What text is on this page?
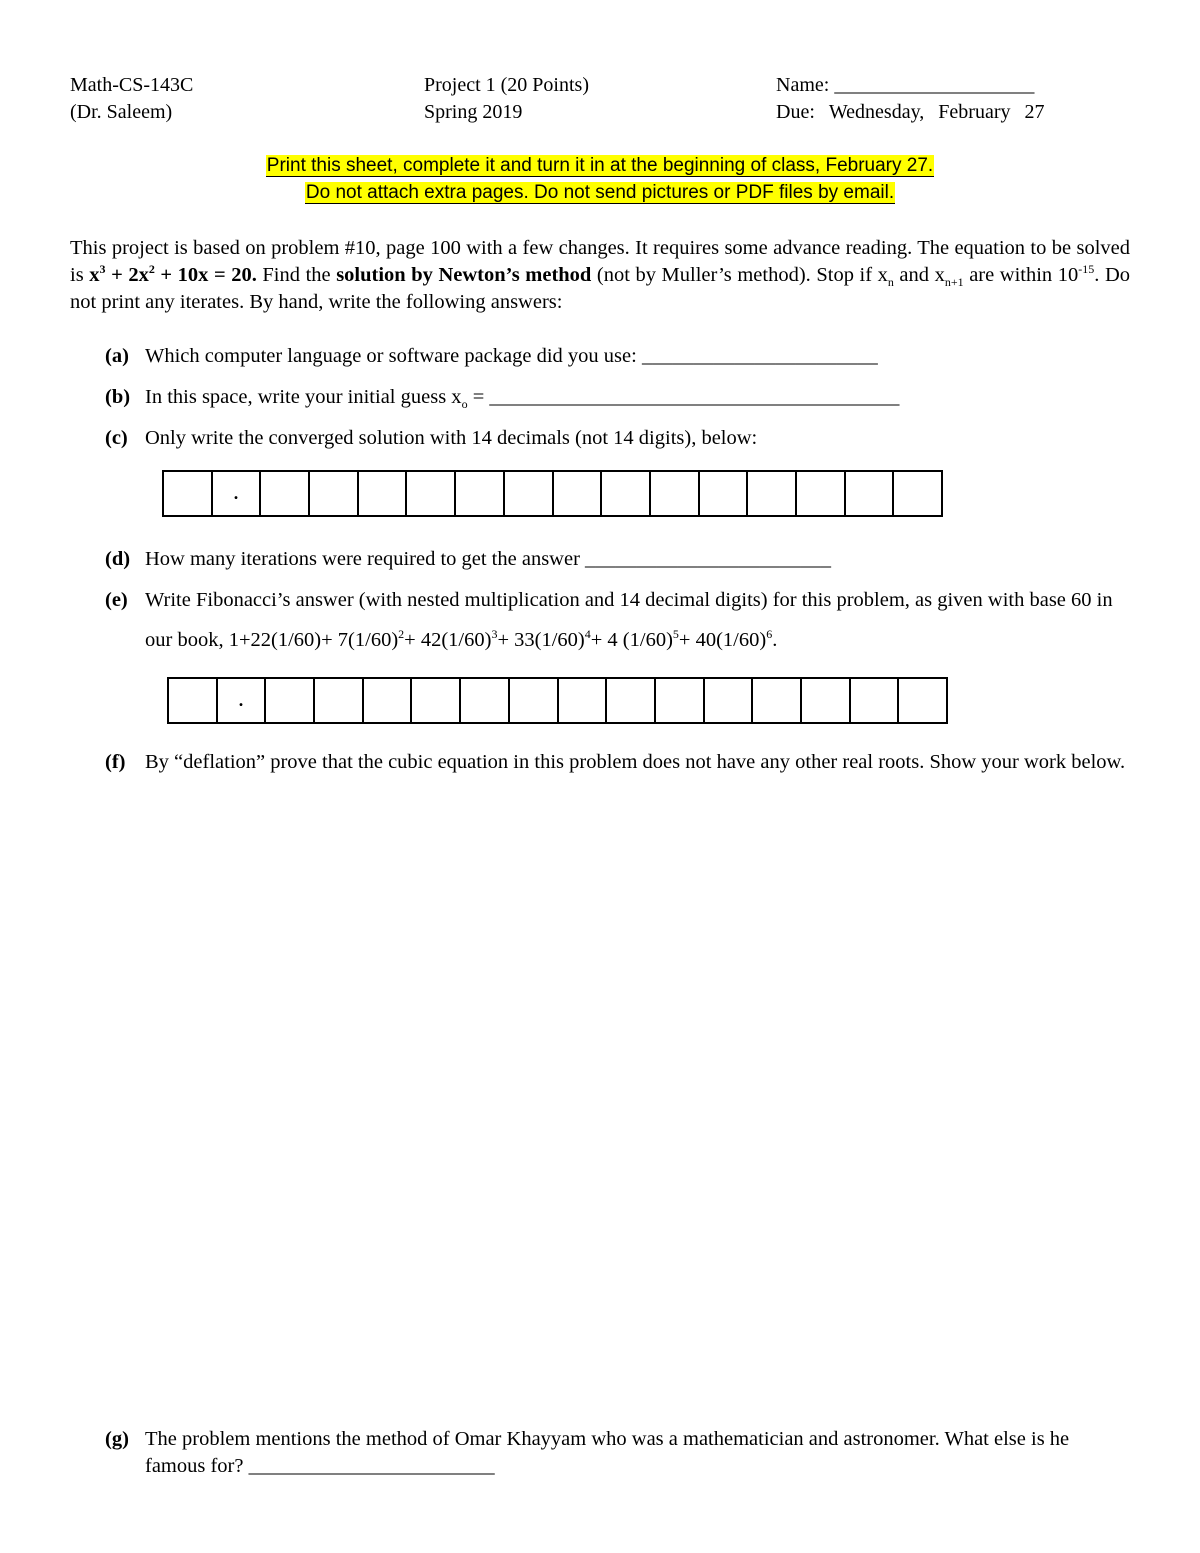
Math-CS-143C	Project 1 (20 Points)	Name: ____________________
(Dr. Saleem)	Spring 2019	Due: Wednesday, February 27
Print this sheet, complete it and turn it in at the beginning of class, February 27.
Do not attach extra pages. Do not send pictures or PDF files by email.
This project is based on problem #10, page 100 with a few changes. It requires some advance reading. The equation to be solved is $x^3 + 2x^2 + 10x = 20$. Find the solution by Newton’s method (not by Muller’s method). Stop if $x_n$ and $x_{n+1}$ are within $10^{-15}$. Do not print any iterates. By hand, write the following answers:
(a) Which computer language or software package did you use: _______________________
(b) In this space, write your initial guess $x_o$ = ________________________________________
(c) Only write the converged solution with 14 decimals (not 14 digits), below:
.
(d) How many iterations were required to get the answer ________________________
(e) Write Fibonacci’s answer (with nested multiplication and 14 decimal digits) for this problem, as given with base 60 in our book, $1+22(1/60)+ 7(1/60)^2+ 42(1/60)^3+ 33(1/60)^4+ 4$ $(1/60)^5+ 40(1/60)^6$.
.
(f) By “deflation” prove that the cubic equation in this problem does not have any other real roots. Show your work below.
(g) The problem mentions the method of Omar Khayyam who was a mathematician and astronomer. What else is he famous for? ________________________
